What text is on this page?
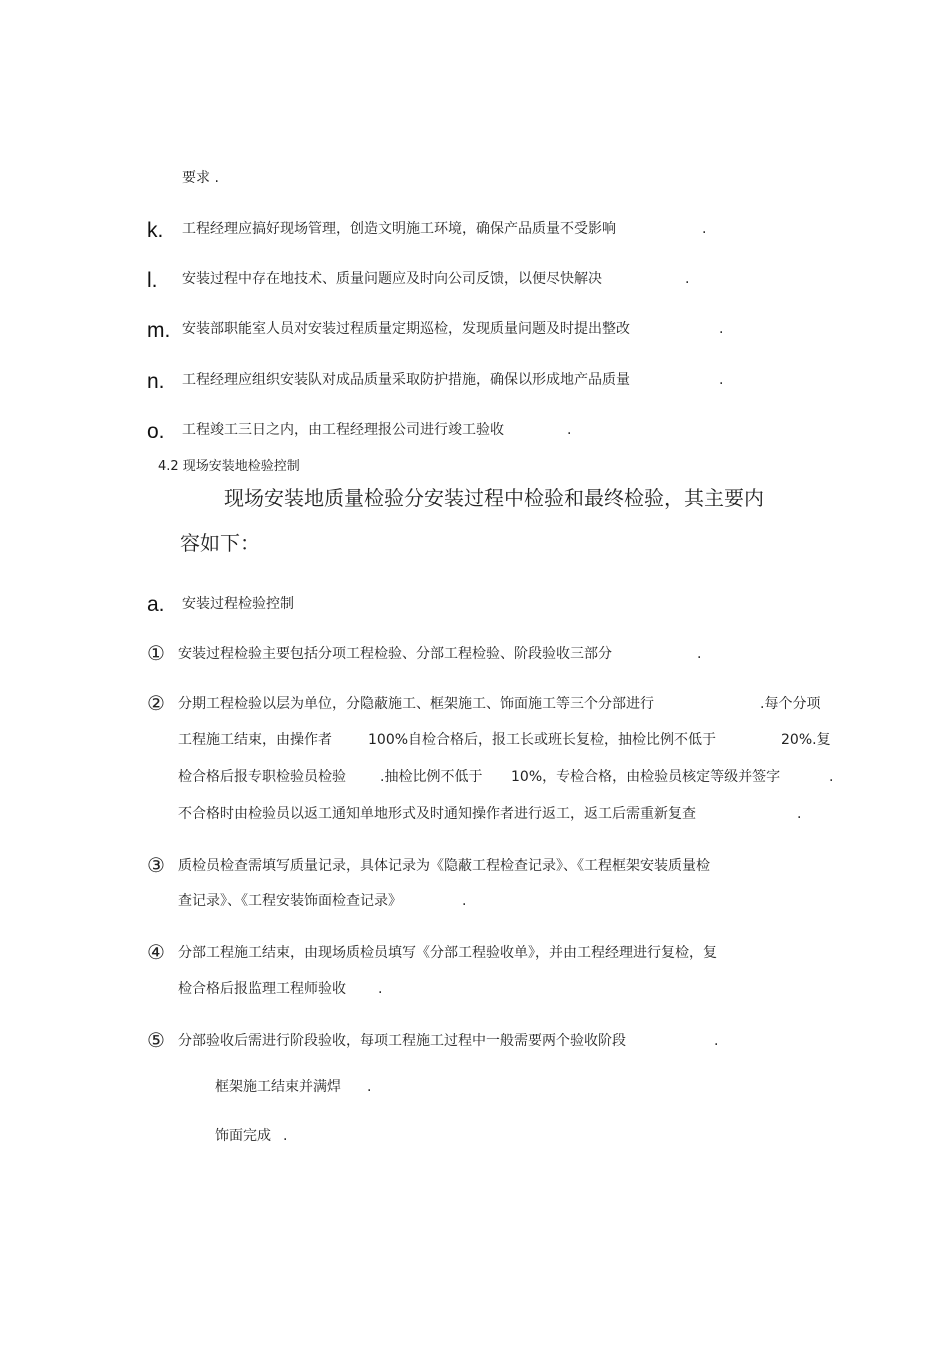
要求 .
k. 工程经理应搞好现场管理，创造文明施工环境，确保产品质量不受影响	.
l. 安装过程中存在地技术、质量问题应及时向公司反馈，以便尽快解决	.
m. 安装部职能室人员对安装过程质量定期巡检，发现质量问题及时提出整改	.
n. 工程经理应组织安装队对成品质量采取防护措施，确保以形成地产品质量	.
o. 工程竣工三日之内，由工程经理报公司进行竣工验收	.
4.2 现场安装地检验控制
现场安装地质量检验分安装过程中检验和最终检验，其主要内
容如下：
a. 安装过程检验控制
① 安装过程检验主要包括分项工程检验、分部工程检验、阶段验收三部分	.
② 分期工程检验以层为单位，分隐蔽施工、框架施工、饰面施工等三个分部进行	.每个分项
工程施工结束，由操作者	100%自检合格后，报工长或班长复检，抽检比例不低于	20%.复
检合格后报专职检验员检验 .抽检比例不低于 10%，专检合格，由检验员核定等级并签字	.
不合格时由检验员以返工通知单地形式及时通知操作者进行返工，返工后需重新复查	.
③ 质检员检查需填写质量记录，具体记录为《隐蔽工程检查记录》、《工程框架安装质量检
查记录》、《工程安装饰面检查记录》	.
④ 分部工程施工结束，由现场质检员填写《分部工程验收单》，并由工程经理进行复检，复
检合格后报监理工程师验收 .
⑤ 分部验收后需进行阶段验收，每项工程施工过程中一般需要两个验收阶段	.
框架施工结束并满焊 .
饰面完成 .
